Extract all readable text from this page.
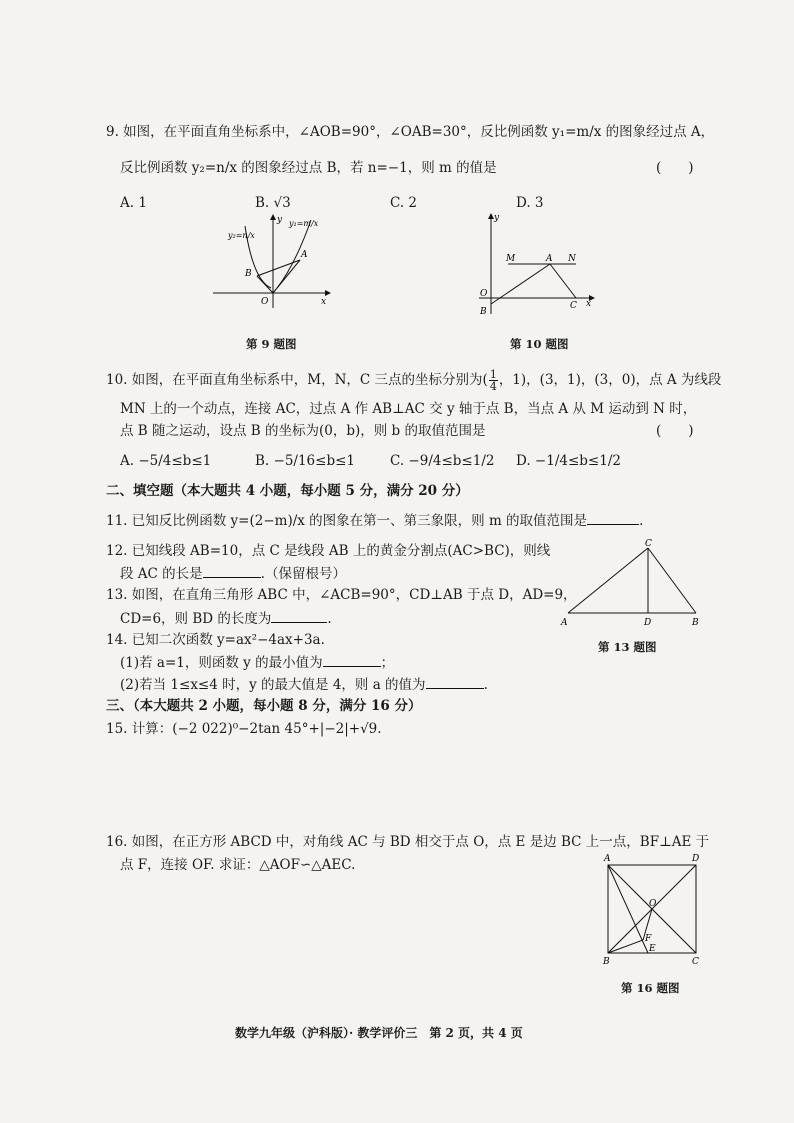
9. 如图，在平面直角坐标系中，∠AOB=90°，∠OAB=30°，反比例函数 y₁=m/x 的图象经过点 A，
反比例函数 y₂=n/x 的图象经过点 B，若 n=−1，则 m 的值是	(　　)
A. 1	B. √3	C. 2	D. 3
y₂=n/x
y₁=m/x
y
x
O
A
B
第 9 题图
y
x
O
M	A N
C
B
第 10 题图
10. 如图，在平面直角坐标系中，M，N，C 三点的坐标分别为( $\frac{1}{4}$ ，1)，(3，1)，(3，0)，点 A 为线段
MN 上的一个动点，连接 AC，过点 A 作 AB⊥AC 交 y 轴于点 B，当点 A 从 M 运动到 N 时，
点 B 随之运动，设点 B 的坐标为(0，b)，则 b 的取值范围是	(　　)
A. −5/4≤b≤1	B. −5/16≤b≤1	C. −9/4≤b≤1/2 D. −1/4≤b≤1/2
二、填空题（本大题共 4 小题，每小题 5 分，满分 20 分）
11. 已知反比例函数 y=(2−m)/x 的图象在第一、第三象限，则 m 的取值范围是	.
12. 已知线段 AB=10，点 C 是线段 AB 上的黄金分割点(AC>BC)，则线
段 AC 的长是	.（保留根号）
13. 如图，在直角三角形 ABC 中，∠ACB=90°，CD⊥AB 于点 D，AD=9，
CD=6，则 BD 的长度为	.
C
A	D	B
第 13 题图
14. 已知二次函数 y=ax²−4ax+3a.
(1)若 a=1，则函数 y 的最小值为	；
(2)若当 1≤x≤4 时，y 的最大值是 4，则 a 的值为	.
三、（本大题共 2 小题，每小题 8 分，满分 16 分）
15. 计算：(−2 022)⁰−2tan 45°+|−2|+√9.
16. 如图，在正方形 ABCD 中，对角线 AC 与 BD 相交于点 O，点 E 是边 BC 上一点，BF⊥AE 于
点 F，连接 OF. 求证：△AOF∽△AEC.	A	D
O
F
E
B	C
第 16 题图
数学九年级（沪科版）· 教学评价三　第 2 页，共 4 页
